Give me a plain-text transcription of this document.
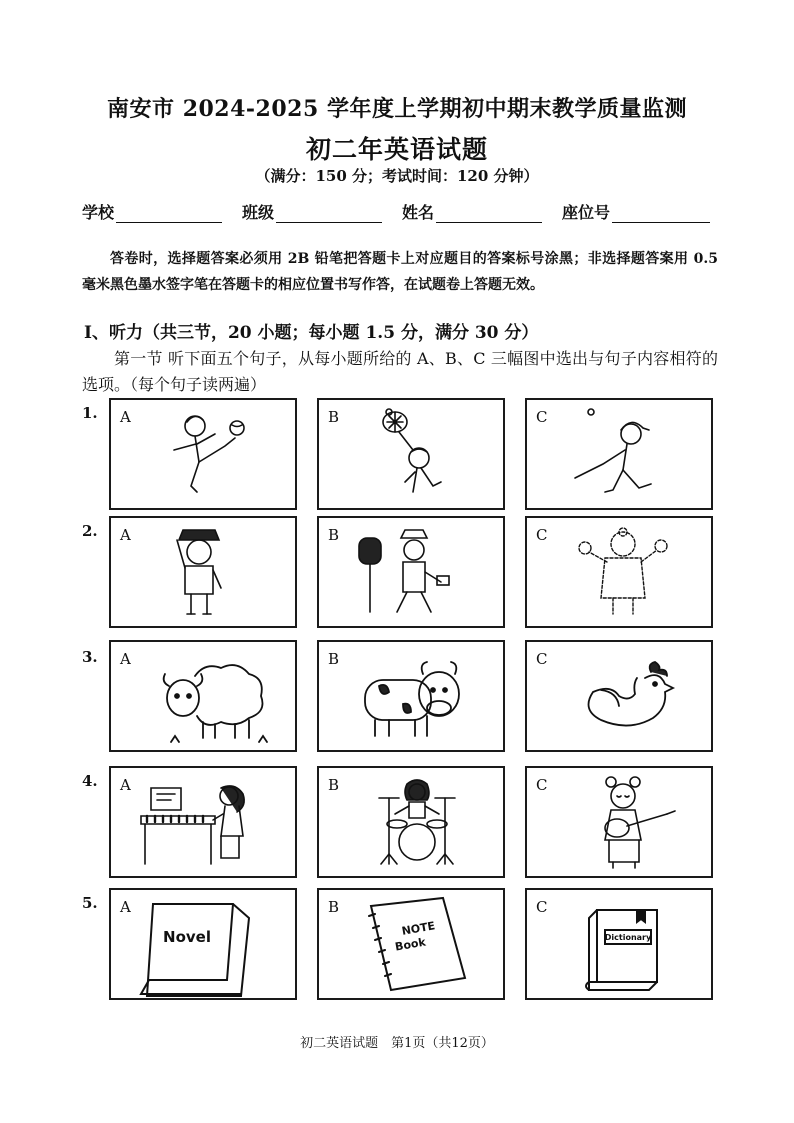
南安市 2024-2025 学年度上学期初中期末教学质量监测
初二年英语试题
（满分：150 分；考试时间：120 分钟）
学校	班级	姓名	座位号
答卷时，选择题答案必须用 2B 铅笔把答题卡上对应题目的答案标号涂黑；非选择题答案用 0.5 毫米黑色墨水签字笔在答题卡的相应位置书写作答，在试题卷上答题无效。
Ⅰ、听力（共三节，20 小题；每小题 1.5 分，满分 30 分）
第一节 听下面五个句子，从每小题所给的 A、B、C 三幅图中选出与句子内容相符的选项。（每个句子读两遍）
1. A	B	C
2. A	B	C
3. A	B	C
4. A	B	C
5. A
Novel
B
NOTE
Book
C
Dictionary
初二英语试题　第1页（共12页）
